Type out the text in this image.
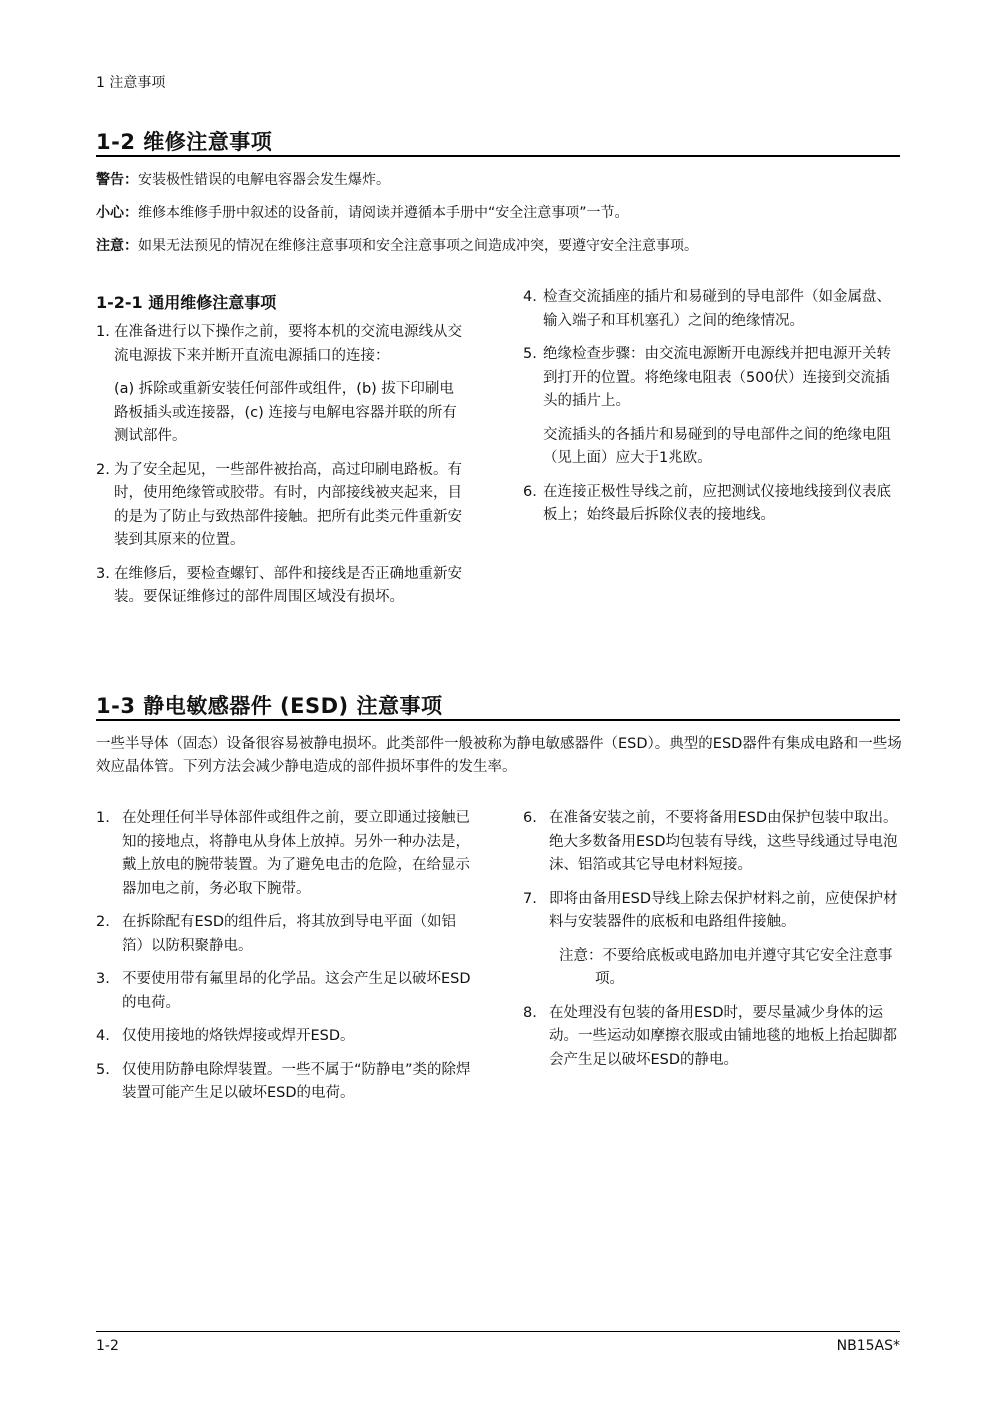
1 注意事项
1-2 维修注意事项
警告：安装极性错误的电解电容器会发生爆炸。
小心：维修本维修手册中叙述的设备前，请阅读并遵循本手册中“安全注意事项”一节。
注意：如果无法预见的情况在维修注意事项和安全注意事项之间造成冲突，要遵守安全注意事项。
1-2-1 通用维修注意事项

1. 在准备进行以下操作之前，要将本机的交流电源线从交流电源拔下来并断开直流电源插口的连接：

(a) 拆除或重新安装任何部件或组件，(b) 拔下印刷电路板插头或连接器，(c) 连接与电解电容器并联的所有测试部件。

2. 为了安全起见，一些部件被抬高，高过印刷电路板。有时，使用绝缘管或胶带。有时，内部接线被夹起来，目的是为了防止与致热部件接触。把所有此类元件重新安装到其原来的位置。

3. 在维修后，要检查螺钉、部件和接线是否正确地重新安装。要保证维修过的部件周围区域没有损坏。

4. 检查交流插座的插片和易碰到的导电部件（如金属盘、输入端子和耳机塞孔）之间的绝缘情况。

5. 绝缘检查步骤：由交流电源断开电源线并把电源开关转到打开的位置。将绝缘电阻表（500伏）连接到交流插头的插片上。

交流插头的各插片和易碰到的导电部件之间的绝缘电阻（见上面）应大于1兆欧。

6. 在连接正极性导线之前，应把测试仪接地线接到仪表底板上；始终最后拆除仪表的接地线。

1-3 静电敏感器件 (ESD) 注意事项
一些半导体（固态）设备很容易被静电损坏。此类部件一般被称为静电敏感器件（ESD）。典型的ESD器件有集成电路和一些场效应晶体管。下列方法会减少静电造成的部件损坏事件的发生率。

1. 在处理任何半导体部件或组件之前，要立即通过接触已知的接地点，将静电从身体上放掉。另外一种办法是，戴上放电的腕带装置。为了避免电击的危险，在给显示器加电之前，务必取下腕带。

2. 在拆除配有ESD的组件后，将其放到导电平面（如铝箔）以防积聚静电。

3. 不要使用带有氟里昂的化学品。这会产生足以破坏ESD的电荷。

4. 仅使用接地的烙铁焊接或焊开ESD。

5. 仅使用防静电除焊装置。一些不属于“防静电”类的除焊装置可能产生足以破坏ESD的电荷。

6. 在准备安装之前，不要将备用ESD由保护包装中取出。绝大多数备用ESD均包装有导线，这些导线通过导电泡沫、铝箔或其它导电材料短接。

7. 即将由备用ESD导线上除去保护材料之前，应使保护材料与安装器件的底板和电路组件接触。

注意：不要给底板或电路加电并遵守其它安全注意事项。

8. 在处理没有包装的备用ESD时，要尽量减少身体的运动。一些运动如摩擦衣服或由铺地毯的地板上抬起脚都会产生足以破坏ESD的静电。

1-2	NB15AS*
